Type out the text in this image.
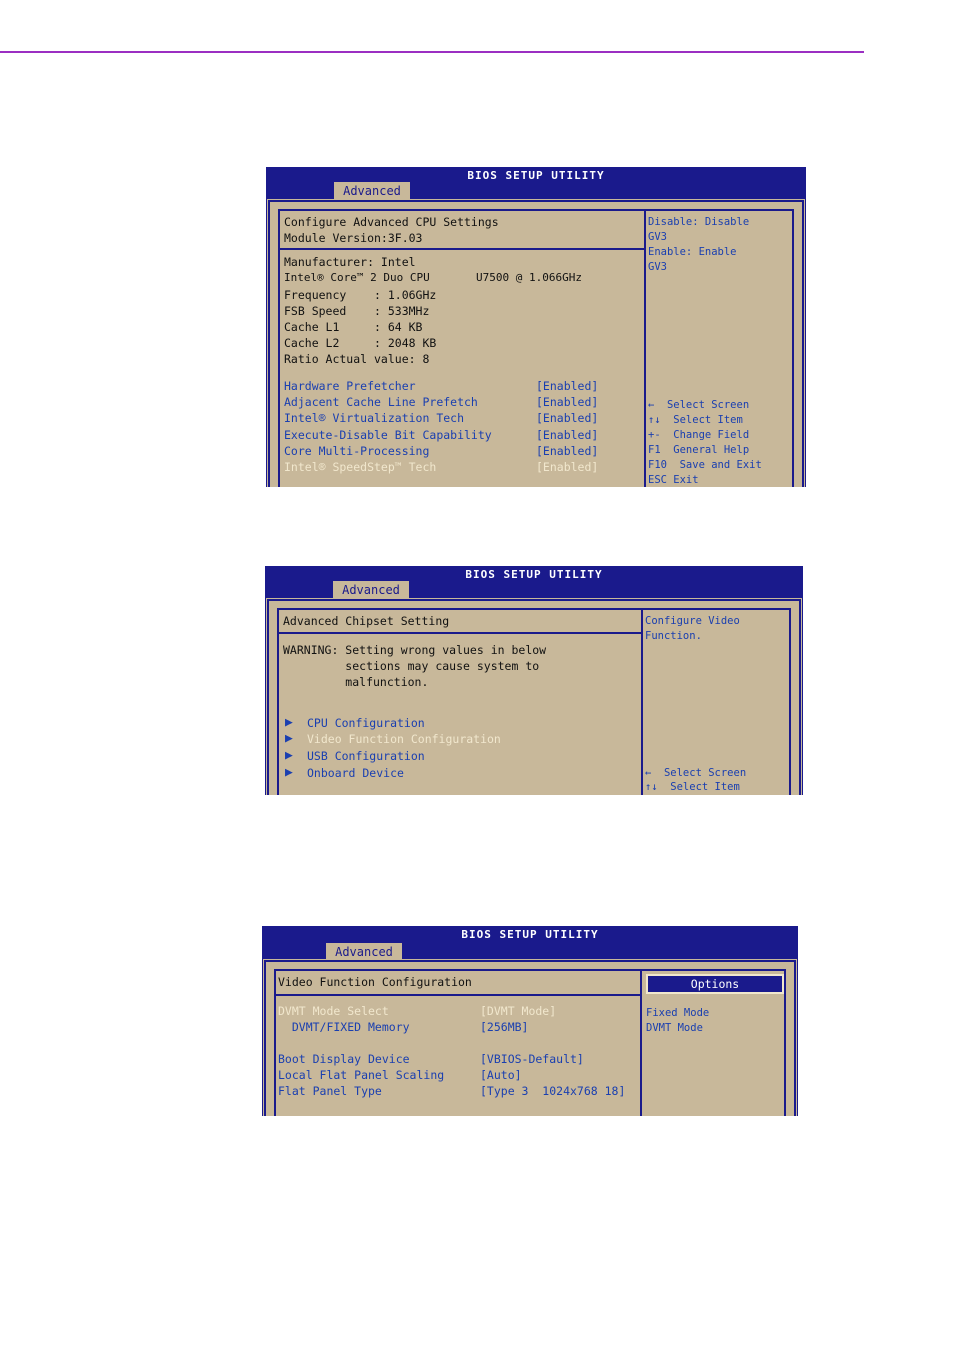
BIOS SETUP UTILITY
Advanced
Configure Advanced CPU Settings
Module Version:3F.03
Manufacturer: Intel
Intel® Core™ 2 Duo CPU       U7500 @ 1.066GHz
Frequency    : 1.06GHz
FSB Speed    : 533MHz
Cache L1     : 64 KB
Cache L2     : 2048 KB
Ratio Actual value: 8
Hardware Prefetcher	[Enabled]
Adjacent Cache Line Prefetch	[Enabled]
Intel® Virtualization Tech	[Enabled]
Execute-Disable Bit Capability	[Enabled]
Core Multi-Processing	[Enabled]
Intel® SpeedStep™ Tech	[Enabled]
Disable: Disable
GV3
Enable: Enable
GV3
←  Select Screen
↑↓  Select Item
+-  Change Field
F1  General Help
F10  Save and Exit
ESC Exit
BIOS SETUP UTILITY
Advanced
Advanced Chipset Setting
WARNING: Setting wrong values in below
sections may cause system to
malfunction.
▶ CPU Configuration
▶ Video Function Configuration
▶ USB Configuration
▶ Onboard Device
Configure Video
Function.
←  Select Screen
↑↓  Select Item
BIOS SETUP UTILITY
Advanced
Video Function Configuration
DVMT Mode Select	[DVMT Mode]
DVMT/FIXED Memory	[256MB]
Boot Display Device	[VBIOS-Default]
Local Flat Panel Scaling	[Auto]
Flat Panel Type	[Type 3  1024x768 18]
Options
Fixed Mode
DVMT Mode
